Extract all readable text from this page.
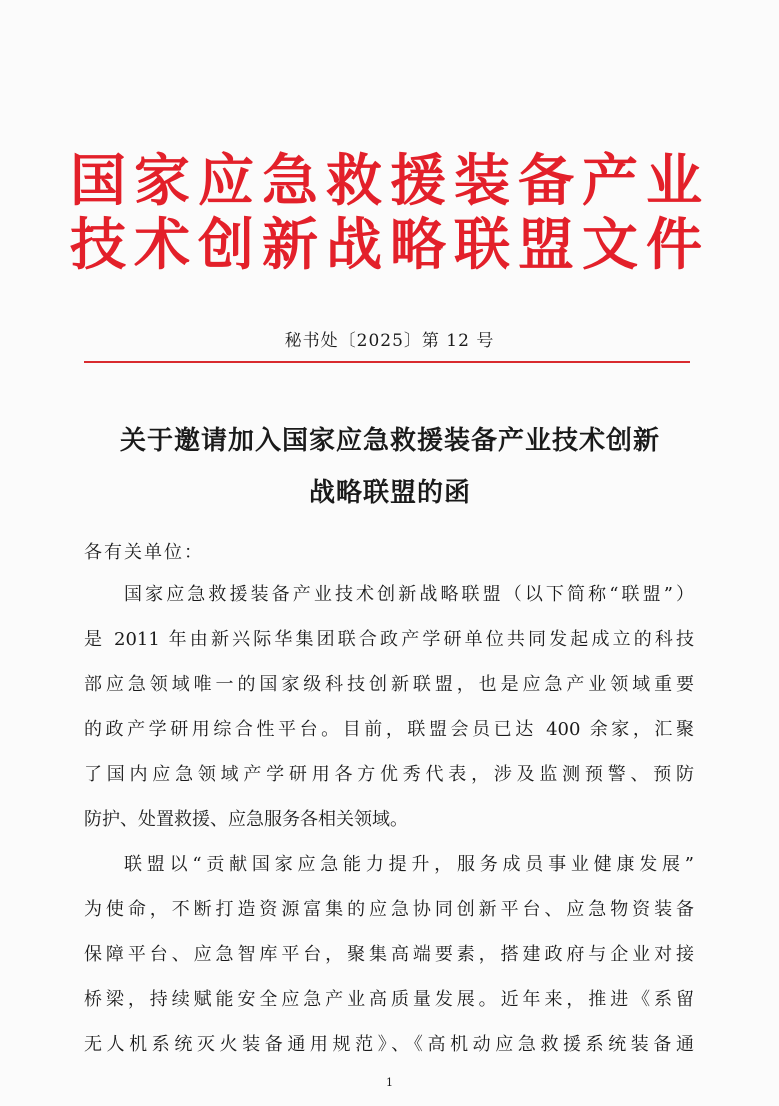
国家应急救援装备产业
技术创新战略联盟文件
秘书处〔2025〕第 12 号
关于邀请加入国家应急救援装备产业技术创新
战略联盟的函
各有关单位：
国家应急救援装备产业技术创新战略联盟（以下简称“联盟”）
是 2011 年由新兴际华集团联合政产学研单位共同发起成立的科技
部应急领域唯一的国家级科技创新联盟，也是应急产业领域重要
的政产学研用综合性平台。目前，联盟会员已达 400 余家，汇聚
了国内应急领域产学研用各方优秀代表，涉及监测预警、预防
防护、处置救援、应急服务各相关领域。
联盟以“贡献国家应急能力提升，服务成员事业健康发展”
为使命，不断打造资源富集的应急协同创新平台、应急物资装备
保障平台、应急智库平台，聚集高端要素，搭建政府与企业对接
桥梁，持续赋能安全应急产业高质量发展。近年来，推进《系留
无人机系统灭火装备通用规范》、《高机动应急救援系统装备通
1
